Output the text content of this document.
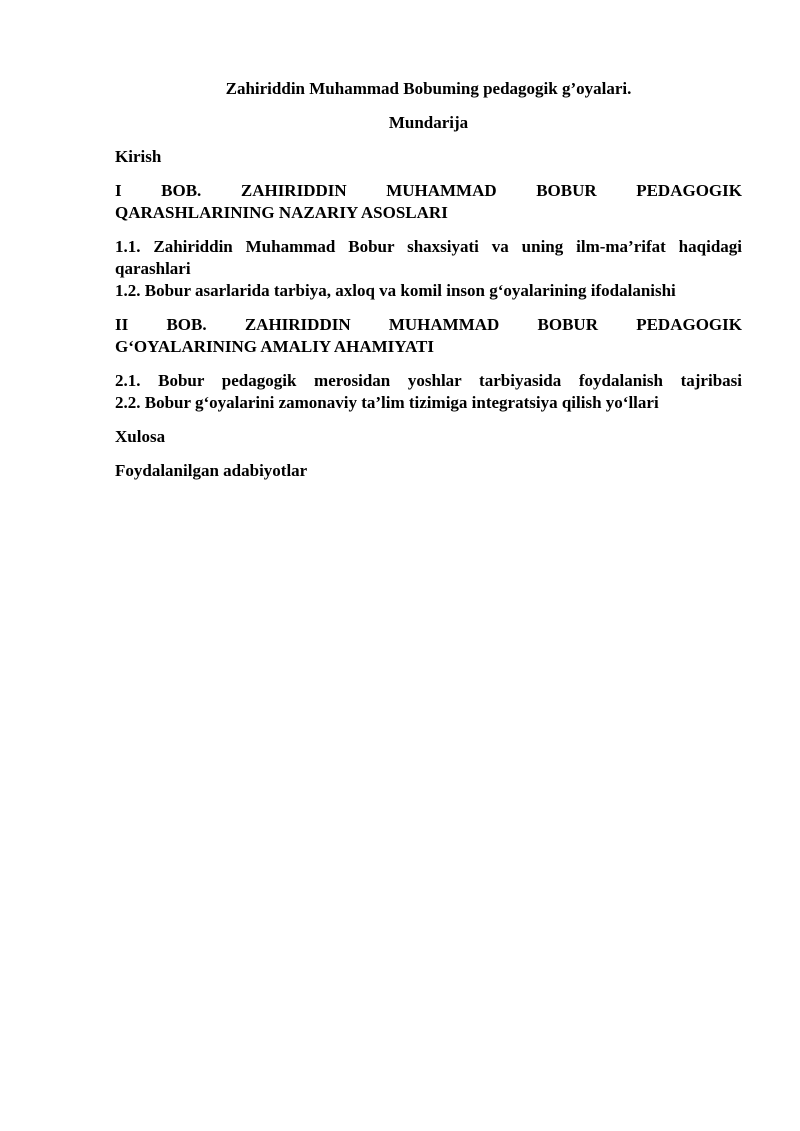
Zahiriddin Muhammad Bobuming pedagogik g’oyalari.
Mundarija
Kirish
I BOB. ZAHIRIDDIN MUHAMMAD BOBUR PEDAGOGIK
QARASHLARINING NAZARIY ASOSLARI
1.1. Zahiriddin Muhammad Bobur shaxsiyati va uning ilm-ma’rifat haqidagi
qarashlari
1.2. Bobur asarlarida tarbiya, axloq va komil inson g‘oyalarining ifodalanishi
II BOB. ZAHIRIDDIN MUHAMMAD BOBUR PEDAGOGIK
G‘OYALARINING AMALIY AHAMIYATI
2.1. Bobur pedagogik merosidan yoshlar tarbiyasida foydalanish tajribasi
2.2. Bobur g‘oyalarini zamonaviy ta’lim tizimiga integratsiya qilish yo‘llari
Xulosa
Foydalanilgan adabiyotlar
